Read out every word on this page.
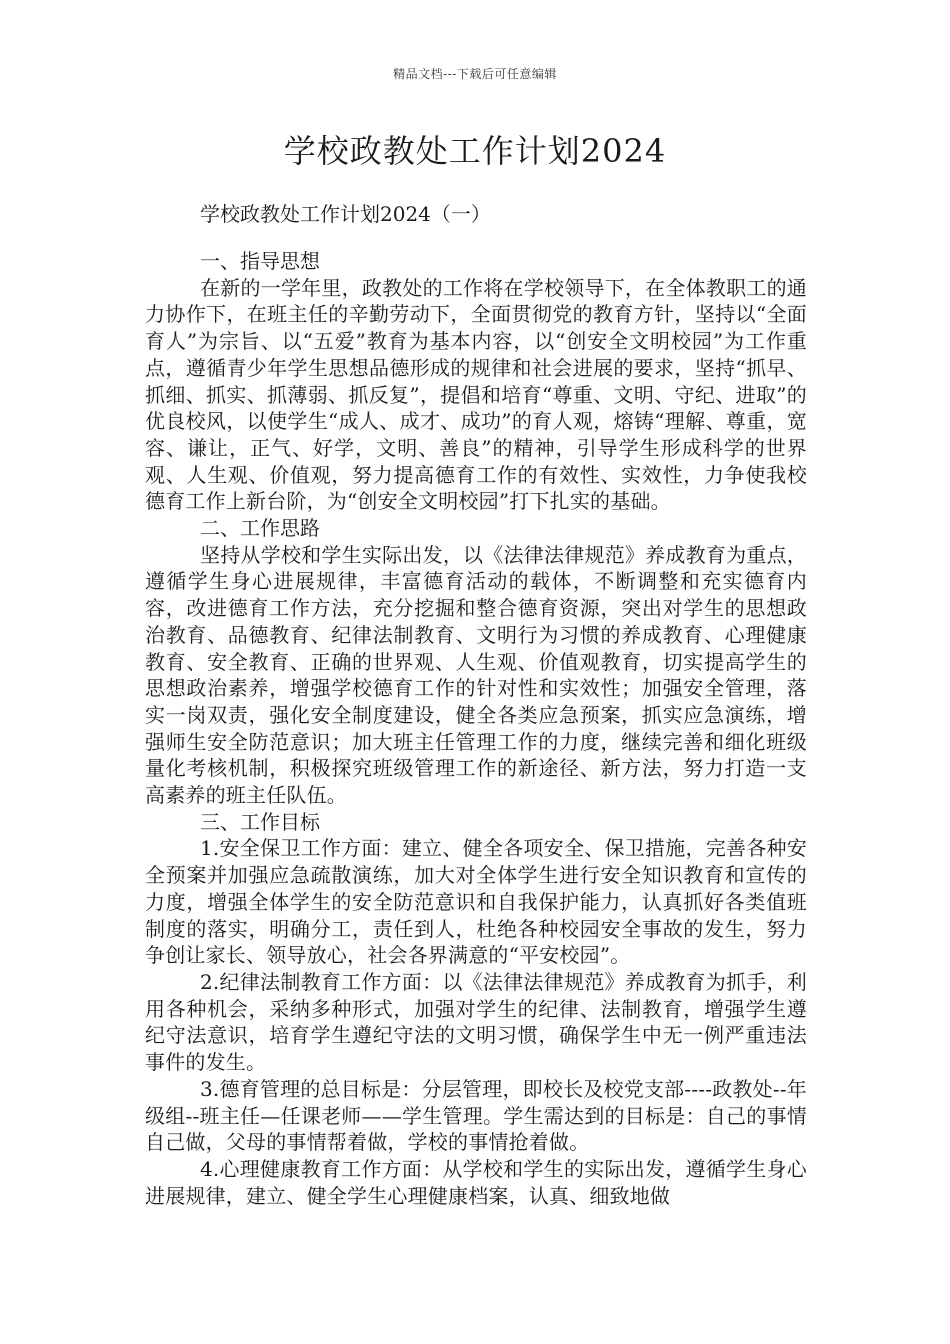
精品文档---下载后可任意编辑
学校政教处工作计划2024

学校政教处工作计划2024（一）

一、指导思想

在新的一学年里，政教处的工作将在学校领导下，在全体教职工的通力协作下，在班主任的辛勤劳动下，全面贯彻党的教育方针，坚持以“全面育人”为宗旨、以“五爱”教育为基本内容，以“创安全文明校园”为工作重点，遵循青少年学生思想品德形成的规律和社会进展的要求，坚持“抓早、抓细、抓实、抓薄弱、抓反复”，提倡和培育“尊重、文明、守纪、进取”的优良校风，以使学生“成人、成才、成功”的育人观，熔铸“理解、尊重，宽容、谦让，正气、好学，文明、善良”的精神，引导学生形成科学的世界观、人生观、价值观，努力提高德育工作的有效性、实效性，力争使我校德育工作上新台阶，为“创安全文明校园”打下扎实的基础。

二、工作思路

坚持从学校和学生实际出发，以《法律法律规范》养成教育为重点，遵循学生身心进展规律，丰富德育活动的载体，不断调整和充实德育内容，改进德育工作方法，充分挖掘和整合德育资源，突出对学生的思想政治教育、品德教育、纪律法制教育、文明行为习惯的养成教育、心理健康教育、安全教育、正确的世界观、人生观、价值观教育，切实提高学生的思想政治素养，增强学校德育工作的针对性和实效性；加强安全管理，落实一岗双责，强化安全制度建设，健全各类应急预案，抓实应急演练，增强师生安全防范意识；加大班主任管理工作的力度，继续完善和细化班级量化考核机制，积极探究班级管理工作的新途径、新方法，努力打造一支高素养的班主任队伍。

三、工作目标

1.安全保卫工作方面：建立、健全各项安全、保卫措施，完善各种安全预案并加强应急疏散演练，加大对全体学生进行安全知识教育和宣传的力度，增强全体学生的安全防范意识和自我保护能力，认真抓好各类值班制度的落实，明确分工，责任到人，杜绝各种校园安全事故的发生，努力争创让家长、领导放心，社会各界满意的“平安校园”。

2.纪律法制教育工作方面：以《法律法律规范》养成教育为抓手，利用各种机会，采纳多种形式，加强对学生的纪律、法制教育，增强学生遵纪守法意识，培育学生遵纪守法的文明习惯，确保学生中无一例严重违法事件的发生。

3.德育管理的总目标是：分层管理，即校长及校党支部----政教处--年级组--班主任—任课老师——学生管理。学生需达到的目标是：自己的事情自己做，父母的事情帮着做，学校的事情抢着做。

4.心理健康教育工作方面：从学校和学生的实际出发，遵循学生身心进展规律，建立、健全学生心理健康档案，认真、细致地做
